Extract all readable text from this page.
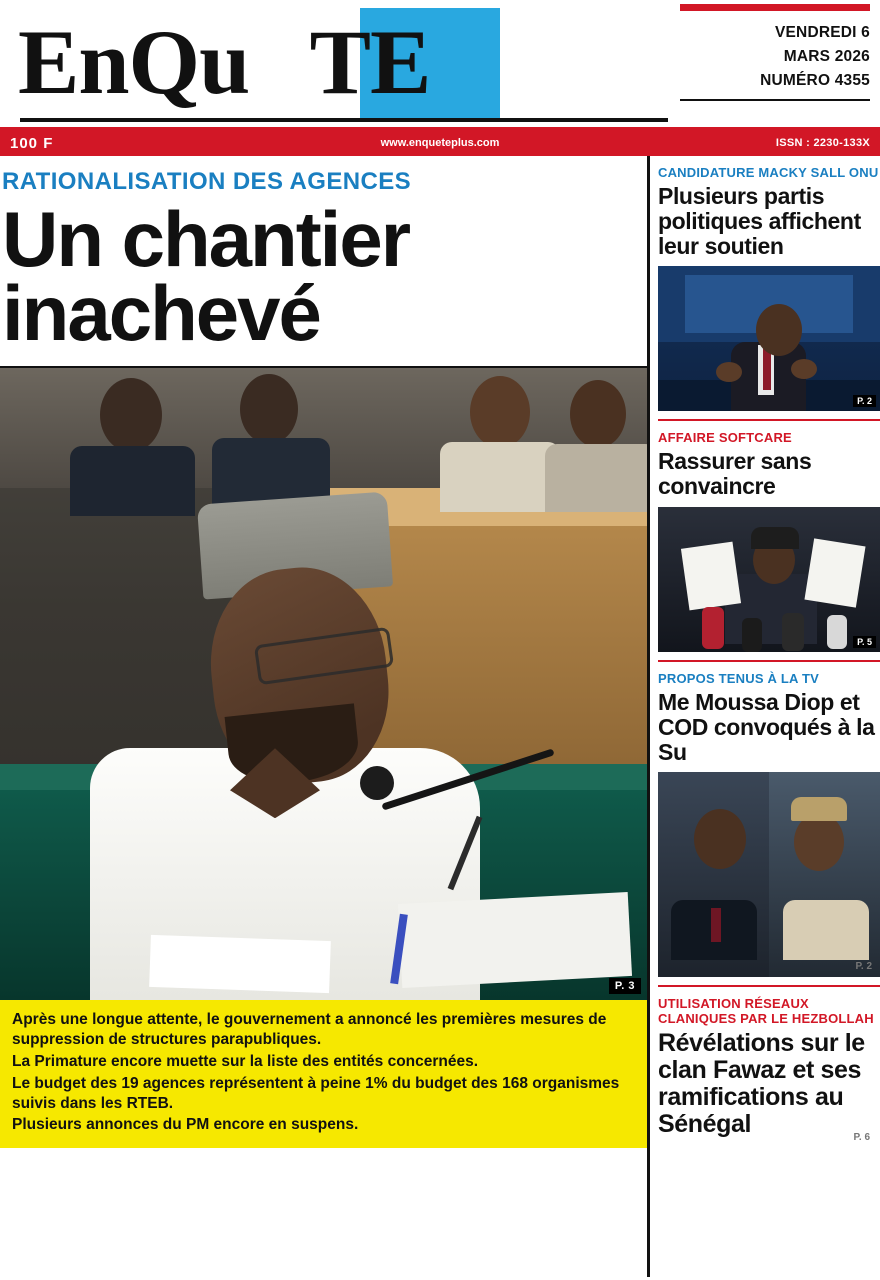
EnQuÊTE	VENDREDI 6
MARS 2026
NUMÉRO 4355
100 F	www.enqueteplus.com	ISSN : 2230-133X
RATIONALISATION DES AGENCES
Un chantier
inachevé
P. 3

Après une longue attente, le gouvernement a annoncé les premières mesures de suppression de structures parapubliques.

La Primature encore muette sur la liste des entités concernées.

Le budget des 19 agences représentent à peine 1% du budget des 168 organismes suivis dans les RTEB.

Plusieurs annonces du PM encore en suspens.

CANDIDATURE MACKY SALL ONU
Plusieurs partis politiques affichent leur soutien
P. 2
AFFAIRE SOFTCARE
Rassurer sans convaincre
P. 5
PROPOS TENUS À LA TV
Me Moussa Diop et COD convoqués à la Su
P. 2
UTILISATION RÉSEAUX CLANIQUES PAR LE HEZBOLLAH
Révélations sur le clan Fawaz et ses ramifications au Sénégal	P. 6
